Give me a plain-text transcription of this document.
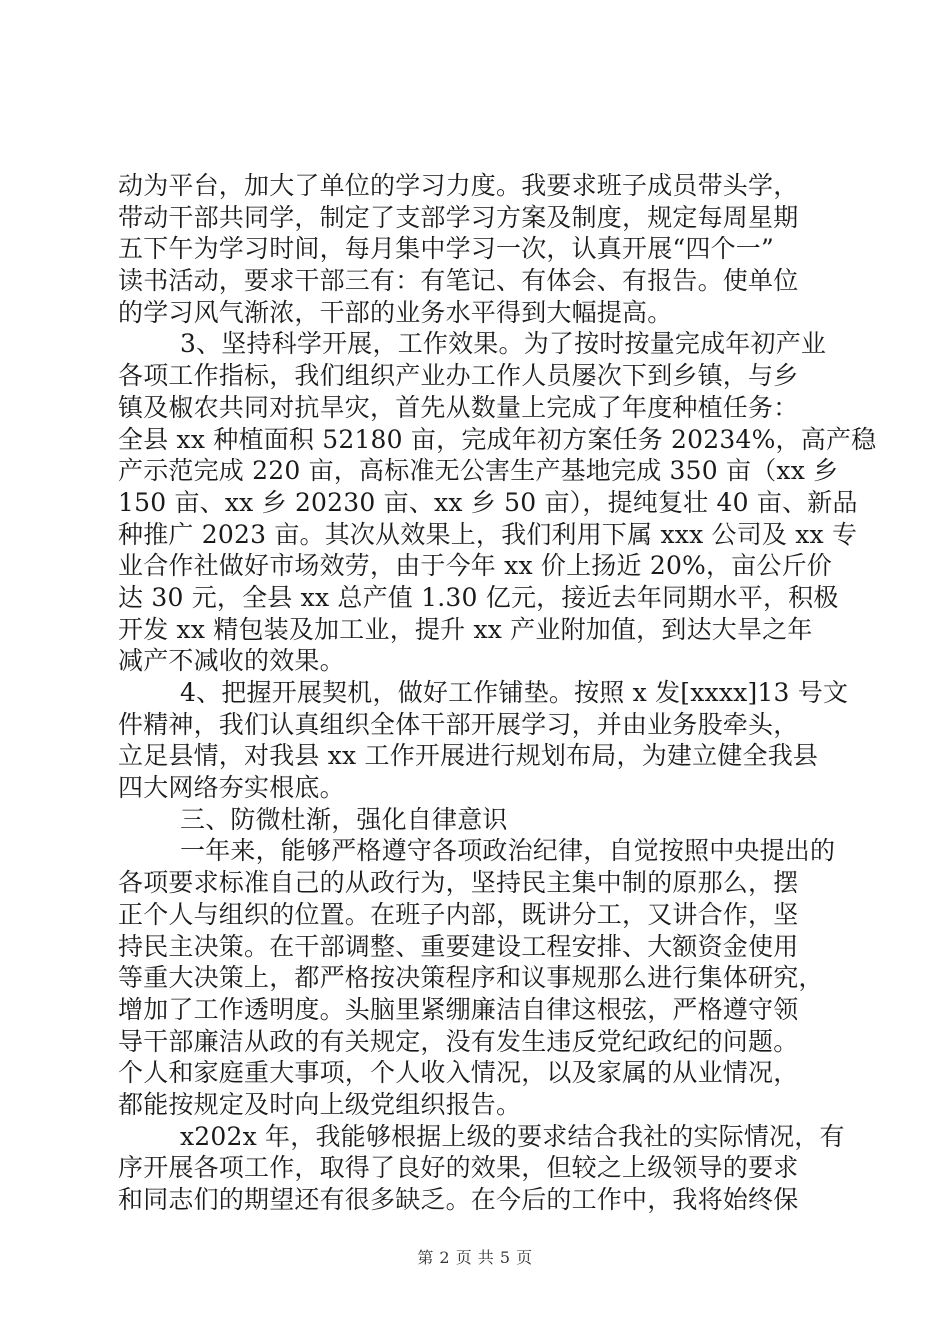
动为平台，加大了单位的学习力度。我要求班子成员带头学，
带动干部共同学，制定了支部学习方案及制度，规定每周星期
五下午为学习时间，每月集中学习一次，认真开展“四个一”
读书活动，要求干部三有：有笔记、有体会、有报告。使单位
的学习风气渐浓，干部的业务水平得到大幅提高。
3、坚持科学开展，工作效果。为了按时按量完成年初产业
各项工作指标，我们组织产业办工作人员屡次下到乡镇，与乡
镇及椒农共同对抗旱灾，首先从数量上完成了年度种植任务：
全县 xx 种植面积 52180 亩，完成年初方案任务 20234%，高产稳
产示范完成 220 亩，高标准无公害生产基地完成 350 亩（xx 乡
150 亩、xx 乡 20230 亩、xx 乡 50 亩），提纯复壮 40 亩、新品
种推广 2023 亩。其次从效果上，我们利用下属 xxx 公司及 xx 专
业合作社做好市场效劳，由于今年 xx 价上扬近 20%，亩公斤价
达 30 元，全县 xx 总产值 1.30 亿元，接近去年同期水平，积极
开发 xx 精包装及加工业，提升 xx 产业附加值，到达大旱之年
减产不减收的效果。
4、把握开展契机，做好工作铺垫。按照 x 发[xxxx]13 号文
件精神，我们认真组织全体干部开展学习，并由业务股牵头，
立足县情，对我县 xx 工作开展进行规划布局，为建立健全我县
四大网络夯实根底。
三、防微杜渐，强化自律意识
一年来，能够严格遵守各项政治纪律，自觉按照中央提出的
各项要求标准自己的从政行为，坚持民主集中制的原那么，摆
正个人与组织的位置。在班子内部，既讲分工，又讲合作，坚
持民主决策。在干部调整、重要建设工程安排、大额资金使用
等重大决策上，都严格按决策程序和议事规那么进行集体研究，
增加了工作透明度。头脑里紧绷廉洁自律这根弦，严格遵守领
导干部廉洁从政的有关规定，没有发生违反党纪政纪的问题。
个人和家庭重大事项，个人收入情况，以及家属的从业情况，
都能按规定及时向上级党组织报告。
x202x 年，我能够根据上级的要求结合我社的实际情况，有
序开展各项工作，取得了良好的效果，但较之上级领导的要求
和同志们的期望还有很多缺乏。在今后的工作中，我将始终保
第 2 页 共 5 页
